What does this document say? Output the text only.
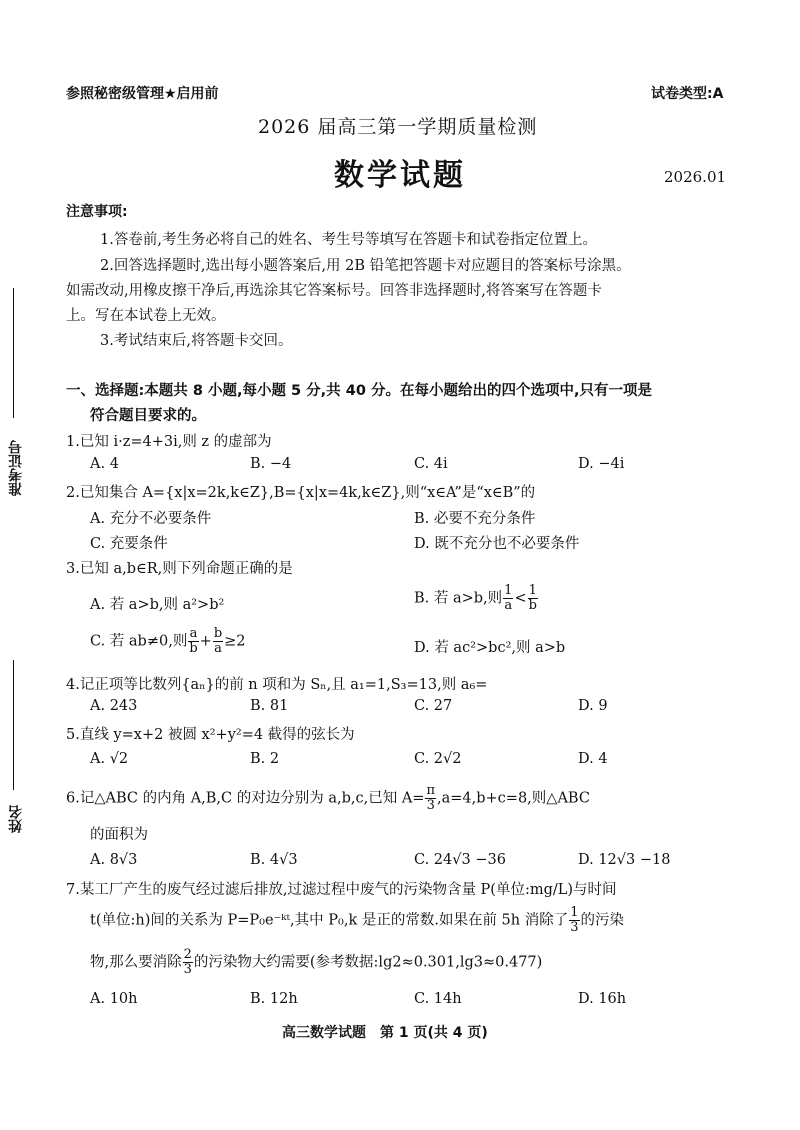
参照秘密级管理★启用前	试卷类型:A
2026 届高三第一学期质量检测
数学试题	2026.01
准考证号
姓名
注意事项:
1.答卷前,考生务必将自己的姓名、考生号等填写在答题卡和试卷指定位置上。
2.回答选择题时,选出每小题答案后,用 2B 铅笔把答题卡对应题目的答案标号涂黑。
如需改动,用橡皮擦干净后,再选涂其它答案标号。回答非选择题时,将答案写在答题卡
上。写在本试卷上无效。
3.考试结束后,将答题卡交回。
一、选择题:本题共 8 小题,每小题 5 分,共 40 分。在每小题给出的四个选项中,只有一项是
符合题目要求的。
1.已知 i·z=4+3i,则 z 的虚部为
A. 4	B. −4	C. 4i	D. −4i
2.已知集合 A={x|x=2k,k∈Z},B={x|x=4k,k∈Z},则“x∈A”是“x∈B”的
A. 充分不必要条件	B. 必要不充分条件
C. 充要条件	D. 既不充分也不必要条件
3.已知 a,b∈R,则下列命题正确的是
A. 若 a>b,则 a²>b²	B. 若 a>b,则 $\frac{1}{a} < \frac{1}{b}$
C. 若 ab≠0,则 $\frac{a}{b} + \frac{b}{a} \ge 2$	D. 若 ac²>bc²,则 a>b
4.记正项等比数列{aₙ}的前 n 项和为 Sₙ,且 a₁=1,S₃=13,则 a₆=
A. 243	B. 81	C. 27	D. 9
5.直线 y=x+2 被圆 x²+y²=4 截得的弦长为
A. √2	B. 2	C. 2√2	D. 4
6.记△ABC 的内角 A,B,C 的对边分别为 a,b,c,已知 $A= \frac{\pi}{3} ,a=4,b+c=8$,则△ABC
的面积为
A. 8√3	B. 4√3	C. 24√3 −36	D. 12√3 −18
7.某工厂产生的废气经过滤后排放,过滤过程中废气的污染物含量 P(单位:mg/L)与时间
t(单位:h)间的关系为 P=P₀e⁻ᵏᵗ,其中 P₀,k 是正的常数.如果在前 5h 消除了 $\frac{1}{3}$ 的污染
物,那么要消除 $\frac{2}{3}$ 的污染物大约需要(参考数据:lg2≈0.301,lg3≈0.477)
A. 10h	B. 12h	C. 14h	D. 16h
高三数学试题　第 1 页(共 4 页)
